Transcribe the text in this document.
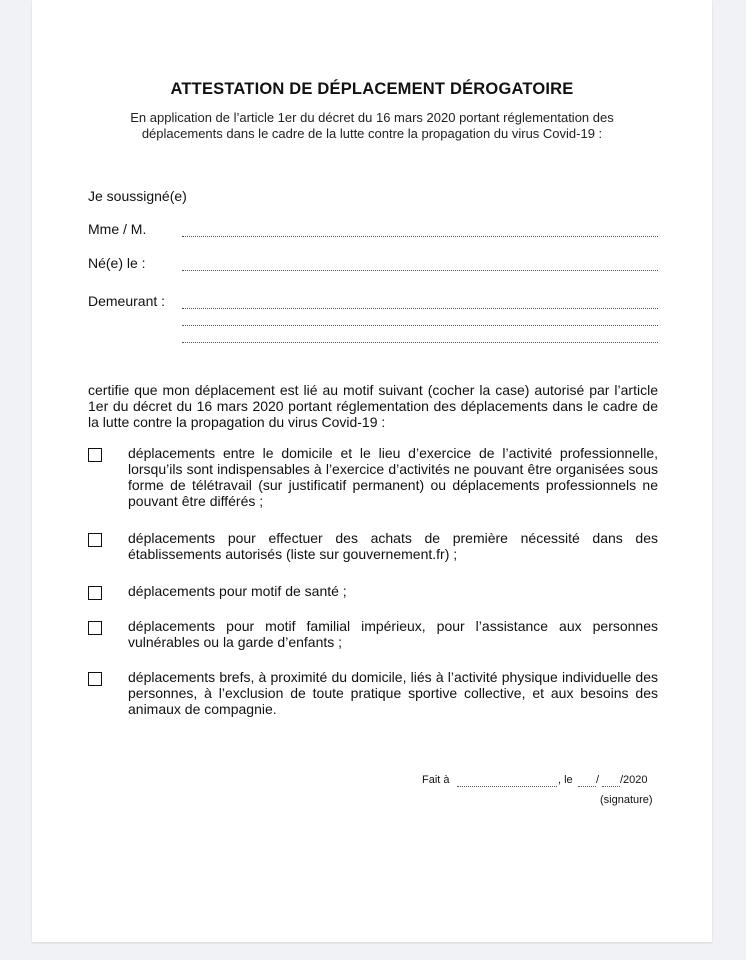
ATTESTATION DE DÉPLACEMENT DÉROGATOIRE
En application de l’article 1er du décret du 16 mars 2020 portant réglementation des
déplacements dans le cadre de la lutte contre la propagation du virus Covid-19 :
Je soussigné(e)
Mme / M.
Né(e) le :
Demeurant :
certifie que mon déplacement est lié au motif suivant (cocher la case) autorisé par l’article 1er du décret du 16 mars 2020 portant réglementation des déplacements dans le cadre de la lutte contre la propagation du virus Covid-19 :
déplacements entre le domicile et le lieu d’exercice de l’activité professionnelle, lorsqu’ils sont indispensables à l’exercice d’activités ne pouvant être organisées sous forme de télétravail (sur justificatif permanent) ou déplacements professionnels ne pouvant être différés ;
déplacements pour effectuer des achats de première nécessité dans des établissements autorisés (liste sur gouvernement.fr) ;
déplacements pour motif de santé ;
déplacements pour motif familial impérieux, pour l’assistance aux personnes vulnérables ou la garde d’enfants ;
déplacements brefs, à proximité du domicile, liés à l’activité physique individuelle des personnes, à l’exclusion de toute pratique sportive collective, et aux besoins des animaux de compagnie.
Fait à	, le / /2020
(signature)
